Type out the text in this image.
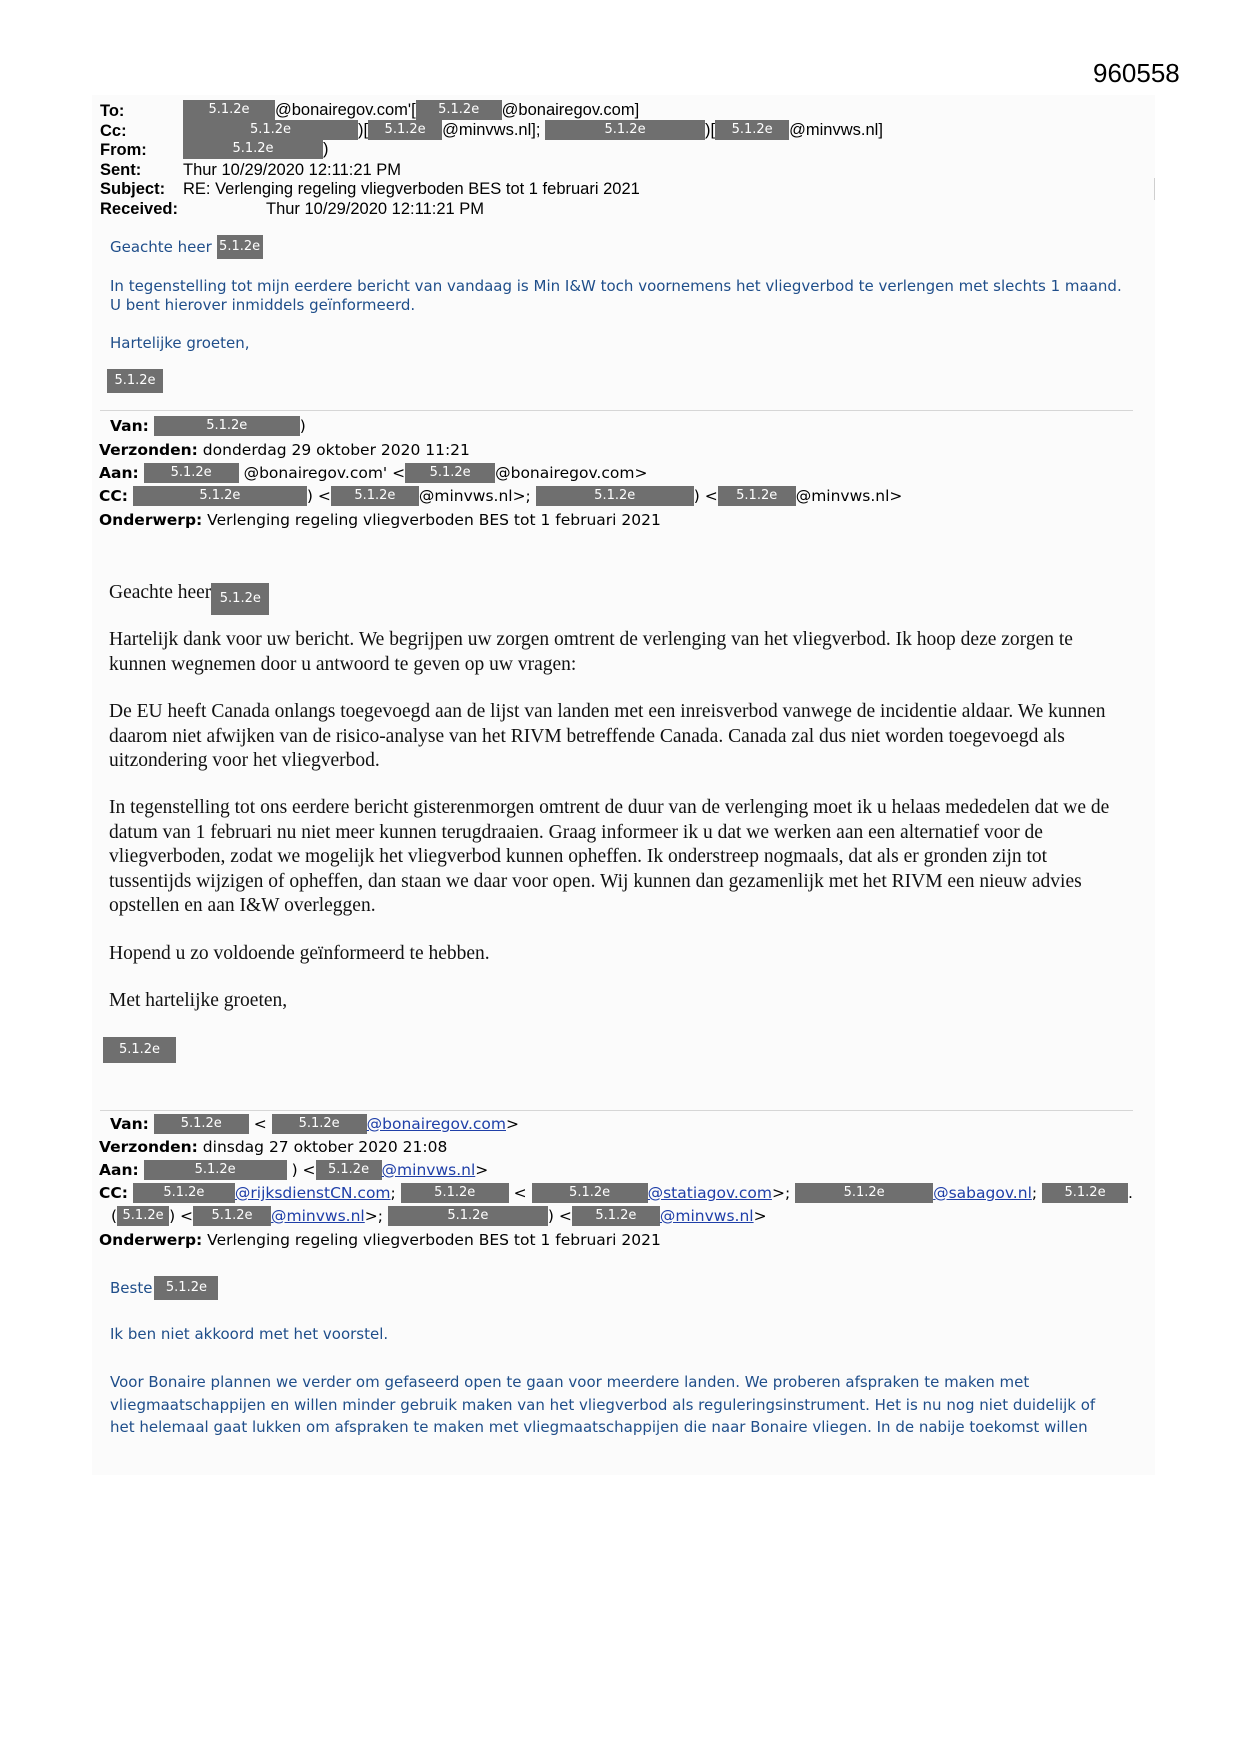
960558
To:	5.1.2e @bonairegov.com'[ 5.1.2e @bonairegov.com]
Cc:	5.1.2e	)[ 5.1.2e @minvws.nl];	5.1.2e	)[ 5.1.2e @minvws.nl]
From:	5.1.2e	)
Sent:	Thur 10/29/2020 12:11:21 PM
Subject: RE: Verlenging regeling vliegverboden BES tot 1 februari 2021
Received:	Thur 10/29/2020 12:11:21 PM
Geachte heer 5.1.2e
In tegenstelling tot mijn eerdere bericht van vandaag is Min I&W toch voornemens het vliegverbod te verlengen met slechts 1 maand. U bent hierover inmiddels geïnformeerd.
Hartelijke groeten,
5.1.2e
Van:	5.1.2e	)
Verzonden: donderdag 29 oktober 2020 11:21
Aan: 5.1.2e @bonairegov.com' < 5.1.2e @bonairegov.com>
CC:	5.1.2e	) < 5.1.2e @minvws.nl>;	5.1.2e	) < 5.1.2e @minvws.nl>
Onderwerp: Verlenging regeling vliegverboden BES tot 1 februari 2021
Geachte heer 5.1.2e
Hartelijk dank voor uw bericht. We begrijpen uw zorgen omtrent de verlenging van het vliegverbod. Ik hoop deze zorgen te kunnen wegnemen door u antwoord te geven op uw vragen:
De EU heeft Canada onlangs toegevoegd aan de lijst van landen met een inreisverbod vanwege de incidentie aldaar. We kunnen daarom niet afwijken van de risico-analyse van het RIVM betreffende Canada. Canada zal dus niet worden toegevoegd als uitzondering voor het vliegverbod.
In tegenstelling tot ons eerdere bericht gisterenmorgen omtrent de duur van de verlenging moet ik u helaas mededelen dat we de datum van 1 februari nu niet meer kunnen terugdraaien. Graag informeer ik u dat we werken aan een alternatief voor de vliegverboden, zodat we mogelijk het vliegverbod kunnen opheffen. Ik onderstreep nogmaals, dat als er gronden zijn tot tussentijds wijzigen of opheffen, dan staan we daar voor open. Wij kunnen dan gezamenlijk met het RIVM een nieuw advies opstellen en aan I&W overleggen.
Hopend u zo voldoende geïnformeerd te hebben.
Met hartelijke groeten,
5.1.2e
Van: 5.1.2e < 5.1.2e @bonairegov.com>
Verzonden: dinsdag 27 oktober 2020 21:08
Aan:	5.1.2e	) < 5.1.2e @minvws.nl>
CC:	5.1.2e @rijksdienstCN.com;	5.1.2e <	5.1.2e @statiagov.com>;	5.1.2e	@sabagov.nl; 5.1.2e .
( 5.1.2e ) < 5.1.2e @minvws.nl>;	5.1.2e	) < 5.1.2e @minvws.nl>
Onderwerp: Verlenging regeling vliegverboden BES tot 1 februari 2021
Beste 5.1.2e
Ik ben niet akkoord met het voorstel.
Voor Bonaire plannen we verder om gefaseerd open te gaan voor meerdere landen. We proberen afspraken te maken met
vliegmaatschappijen en willen minder gebruik maken van het vliegverbod als reguleringsinstrument. Het is nu nog niet duidelijk of
het helemaal gaat lukken om afspraken te maken met vliegmaatschappijen die naar Bonaire vliegen. In de nabije toekomst willen
